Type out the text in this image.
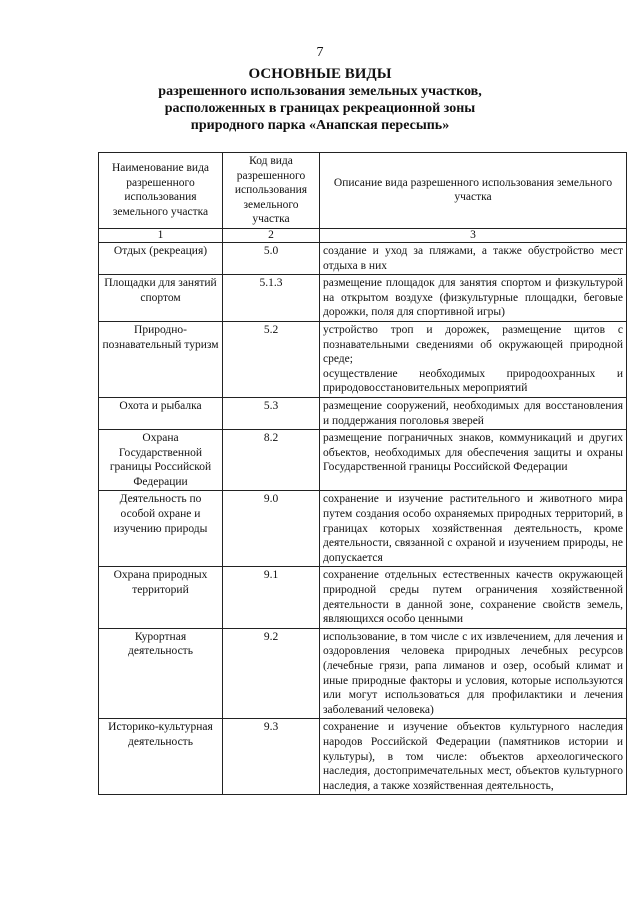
7
ОСНОВНЫЕ ВИДЫ
разрешенного использования земельных участков,
расположенных в границах рекреационной зоны
природного парка «Анапская пересыпь»
Наименование вида разрешенного использования земельного участка	Код вида разрешенного использования земельного участка	Описание вида разрешенного использования земельного участка
1	2	3
Отдых (рекреация)	5.0	создание и уход за пляжами, а также обустройство мест отдыха в них

Площадки для занятий спортом	5.1.3	размещение площадок для занятия спортом и физкультурой на открытом воздухе (физкультурные площадки, беговые дорожки, поля для спортивной игры)

Природно-познавательный туризм	5.2	устройство троп и дорожек, размещение щитов с познавательными сведениями об окружающей природной среде;
осуществление необходимых природоохранных и природовосстановительных мероприятий

Охота и рыбалка	5.3	размещение сооружений, необходимых для восстановления и поддержания поголовья зверей

Охрана Государственной границы Российской Федерации	8.2	размещение пограничных знаков, коммуникаций и других объектов, необходимых для обеспечения защиты и охраны Государственной границы Российской Федерации

Деятельность по особой охране и изучению природы	9.0	сохранение и изучение растительного и животного мира путем создания особо охраняемых природных территорий, в границах которых хозяйственная деятельность, кроме деятельности, связанной с охраной и изучением природы, не допускается

Охрана природных территорий	9.1	сохранение отдельных естественных качеств окружающей природной среды путем ограничения хозяйственной деятельности в данной зоне, сохранение свойств земель, являющихся особо ценными

Курортная деятельность	9.2	использование, в том числе с их извлечением, для лечения и оздоровления человека природных лечебных ресурсов (лечебные грязи, рапа лиманов и озер, особый климат и иные природные факторы и условия, которые используются или могут использоваться для профилактики и лечения заболеваний человека)

Историко-культурная деятельность	9.3	сохранение и изучение объектов культурного наследия народов Российской Федерации (памятников истории и культуры), в том числе: объектов археологического наследия, достопримечательных мест, объектов культурного наследия, а также хозяйственная деятельность,
